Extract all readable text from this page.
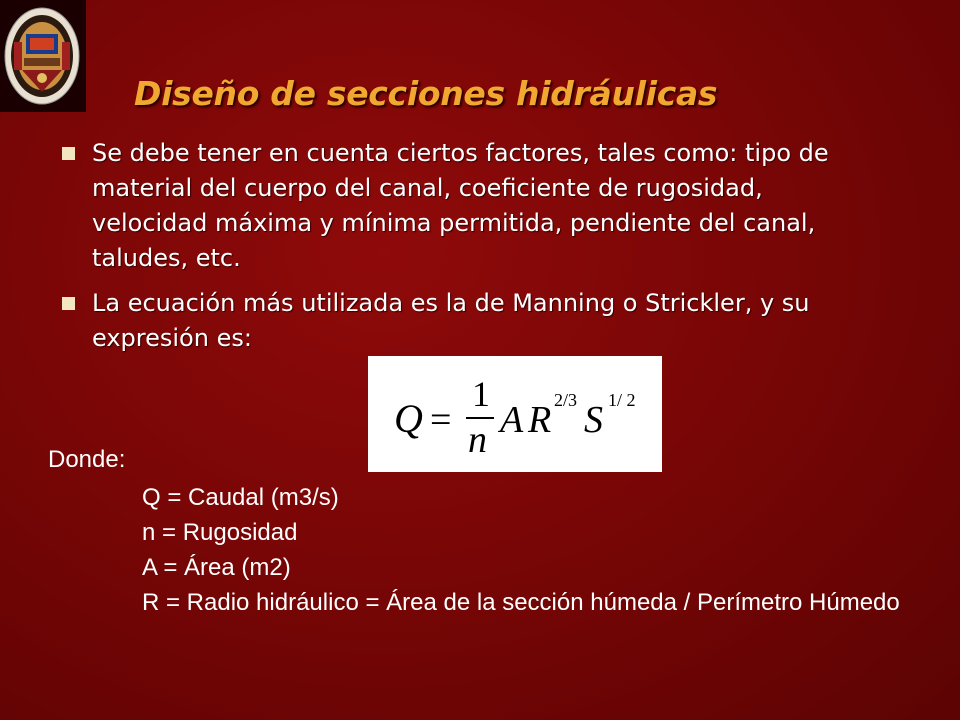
Diseño de secciones hidráulicas
Se debe tener en cuenta ciertos factores, tales como: tipo de material del cuerpo del canal, coeficiente de rugosidad, velocidad máxima y mínima permitida, pendiente del canal, taludes, etc.
La ecuación más utilizada es la de Manning o Strickler, y su expresión es:
Q =
1
n A R 2/3 S 1/ 2
Donde:
Q = Caudal (m3/s)
n = Rugosidad
A = Área (m2)
R = Radio hidráulico = Área de la sección húmeda / Perímetro Húmedo
